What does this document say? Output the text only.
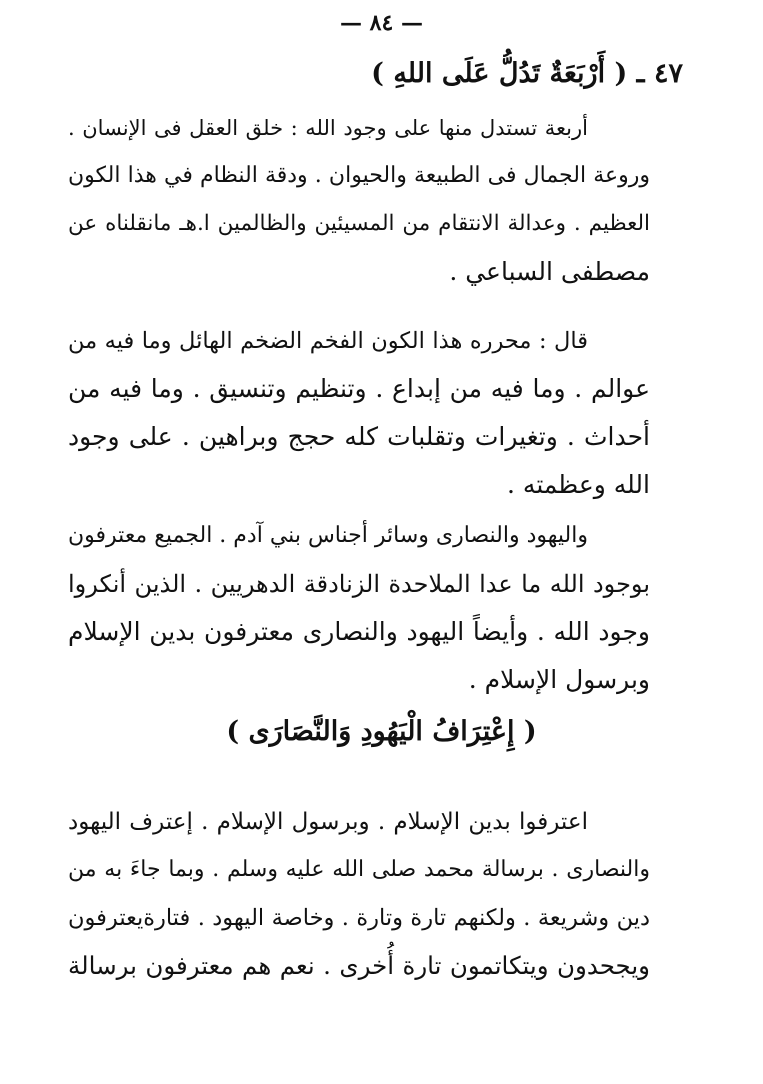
— ٨٤ —
٤٧ ـ ( أَرْبَعَةٌ تَدُلُّ عَلَى اللهِ )
أربعة تستدل منها على وجود الله : خلق العقل فى الإنسان .
وروعة الجمال فى الطبيعة والحيوان . ودقة النظام في هذا الكون
العظيم . وعدالة الانتقام من المسيئين والظالمين ا.هـ مانقلناه عن
مصطفى السباعي .
قال : محرره هذا الكون الفخم الضخم الهائل وما فيه من
عوالم . وما فيه من إبداع . وتنظيم وتنسيق . وما فيه من
أحداث . وتغيرات وتقلبات كله حجج وبراهين . على وجود
الله وعظمته .
واليهود والنصارى وسائر أجناس بني آدم . الجميع معترفون
بوجود الله ما عدا الملاحدة الزنادقة الدهريين . الذين أنكروا
وجود الله . وأيضاً اليهود والنصارى معترفون بدين الإسلام
وبرسول الإسلام .
( إِعْتِرَافُ الْيَهُودِ وَالنَّصَارَى )
اعترفوا بدين الإسلام . وبرسول الإسلام . إعترف اليهود
والنصارى . برسالة محمد صلى الله عليه وسلم . وبما جاءَ به من
دين وشريعة . ولكنهم تارة وتارة . وخاصة اليهود . فتارةيعترفون
ويجحدون ويتكاتمون تارة أُخرى . نعم هم معترفون برسالة
